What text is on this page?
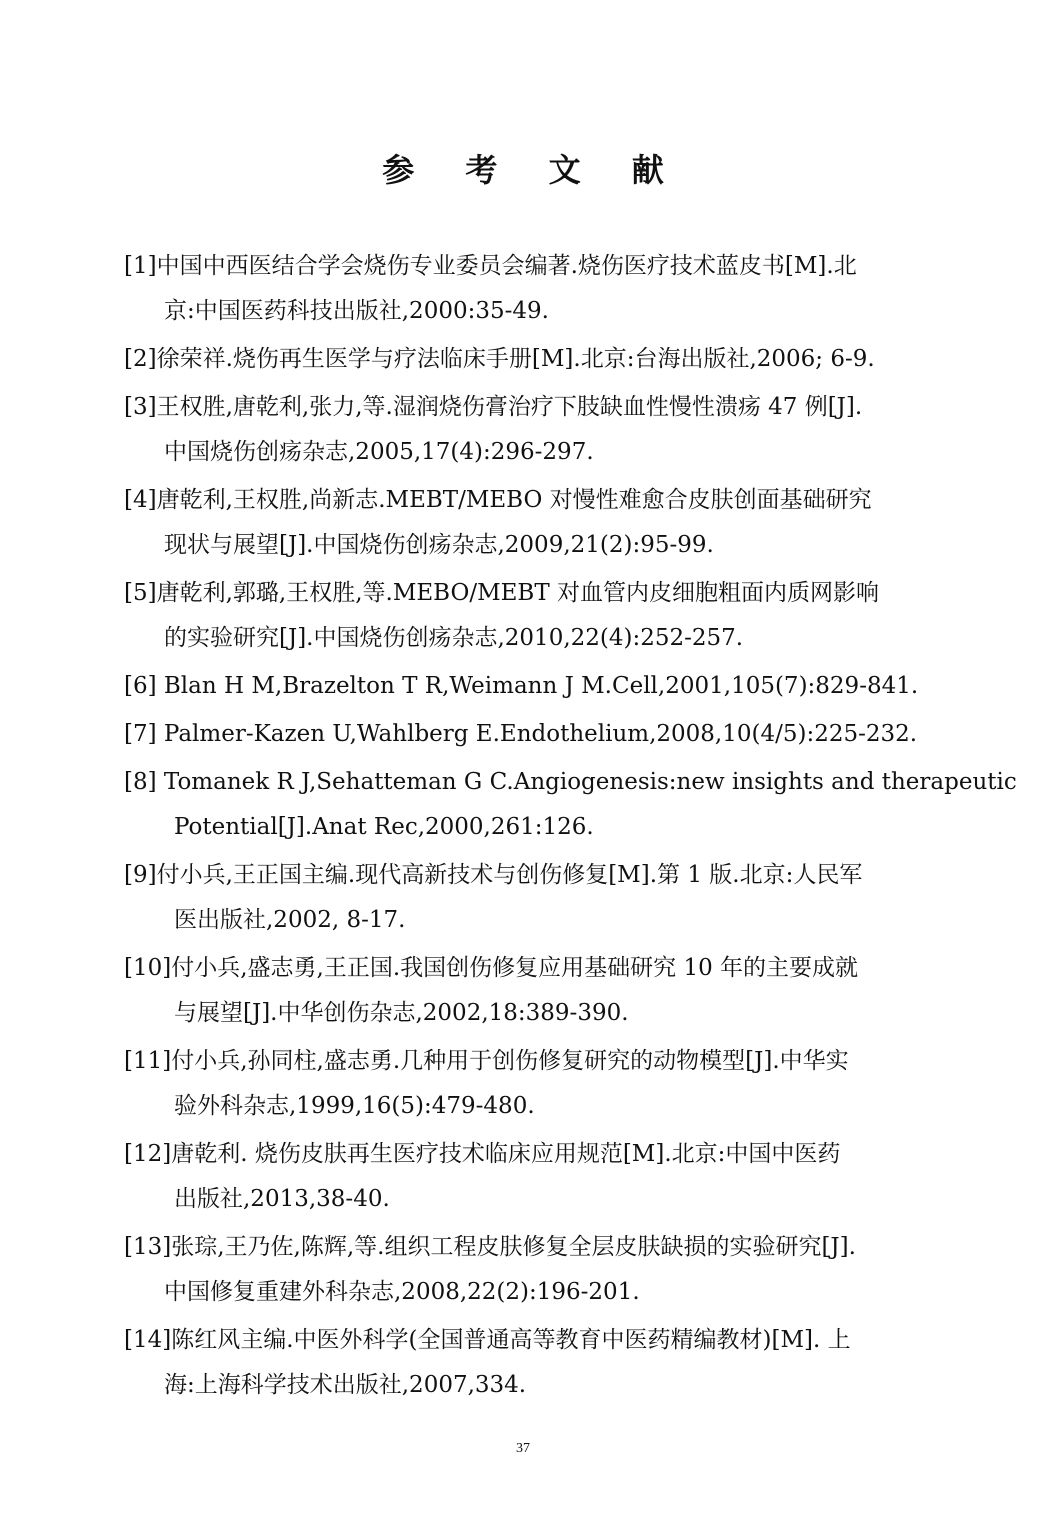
参 考 文 献
[1]中国中西医结合学会烧伤专业委员会编著.烧伤医疗技术蓝皮书[M].北
京:中国医药科技出版社,2000:35-49.
[2]徐荣祥.烧伤再生医学与疗法临床手册[M].北京:台海出版社,2006; 6-9.
[3]王权胜,唐乾利,张力,等.湿润烧伤膏治疗下肢缺血性慢性溃疡 47 例[J].
中国烧伤创疡杂志,2005,17(4):296-297.
[4]唐乾利,王权胜,尚新志.MEBT/MEBO 对慢性难愈合皮肤创面基础研究
现状与展望[J].中国烧伤创疡杂志,2009,21(2):95-99.
[5]唐乾利,郭璐,王权胜,等.MEBO/MEBT 对血管内皮细胞粗面内质网影响
的实验研究[J].中国烧伤创疡杂志,2010,22(4):252-257.
[6] Blan H M,Brazelton T R,Weimann J M.Cell,2001,105(7):829-841.
[7] Palmer-Kazen U,Wahlberg E.Endothelium,2008,10(4/5):225-232.
[8] Tomanek R J,Sehatteman G C.Angiogenesis:new insights and therapeutic
Potential[J].Anat Rec,2000,261:126.
[9]付小兵,王正国主编.现代高新技术与创伤修复[M].第 1 版.北京:人民军
医出版社,2002, 8-17.
[10]付小兵,盛志勇,王正国.我国创伤修复应用基础研究 10 年的主要成就
与展望[J].中华创伤杂志,2002,18:389-390.
[11]付小兵,孙同柱,盛志勇.几种用于创伤修复研究的动物模型[J].中华实
验外科杂志,1999,16(5):479-480.
[12]唐乾利. 烧伤皮肤再生医疗技术临床应用规范[M].北京:中国中医药
出版社,2013,38-40.
[13]张琮,王乃佐,陈辉,等.组织工程皮肤修复全层皮肤缺损的实验研究[J].
中国修复重建外科杂志,2008,22(2):196-201.
[14]陈红风主编.中医外科学(全国普通高等教育中医药精编教材)[M]. 上
海:上海科学技术出版社,2007,334.
37
